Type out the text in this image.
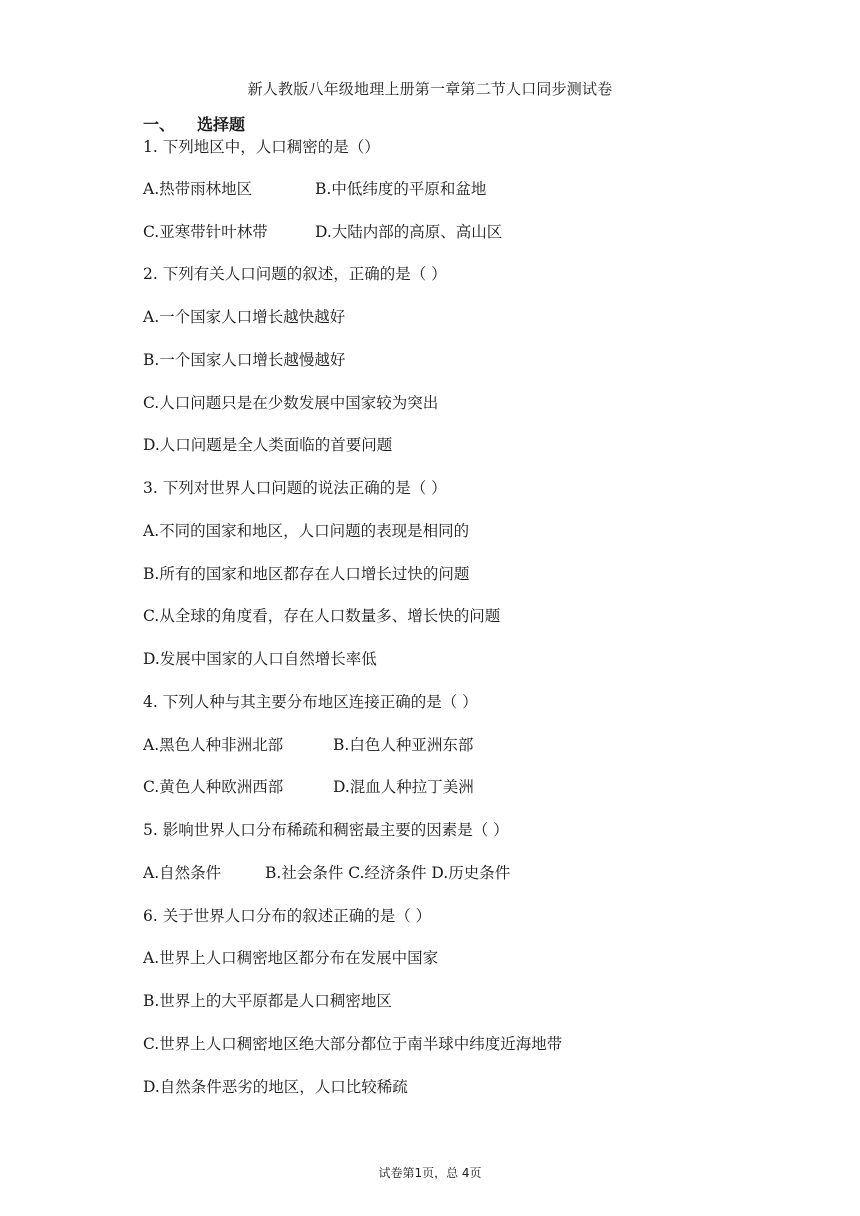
新人教版八年级地理上册第一章第二节人口同步测试卷
一、 选择题
1. 下列地区中，人口稠密的是（）
A.热带雨林地区	B.中低纬度的平原和盆地
C.亚寒带针叶林带	D.大陆内部的高原、高山区
2. 下列有关人口问题的叙述，正确的是（ ）
A.一个国家人口增长越快越好
B.一个国家人口增长越慢越好
C.人口问题只是在少数发展中国家较为突出
D.人口问题是全人类面临的首要问题
3. 下列对世界人口问题的说法正确的是（ ）
A.不同的国家和地区，人口问题的表现是相同的
B.所有的国家和地区都存在人口增长过快的问题
C.从全球的角度看，存在人口数量多、增长快的问题
D.发展中国家的人口自然增长率低
4. 下列人种与其主要分布地区连接正确的是（ ）
A.黑色人种非洲北部	B.白色人种亚洲东部
C.黄色人种欧洲西部	D.混血人种拉丁美洲
5. 影响世界人口分布稀疏和稠密最主要的因素是（ ）
A.自然条件	B.社会条件 C.经济条件 D.历史条件
6. 关于世界人口分布的叙述正确的是（ ）
A.世界上人口稠密地区都分布在发展中国家
B.世界上的大平原都是人口稠密地区
C.世界上人口稠密地区绝大部分都位于南半球中纬度近海地带
D.自然条件恶劣的地区，人口比较稀疏
试卷第1页，总 4页
